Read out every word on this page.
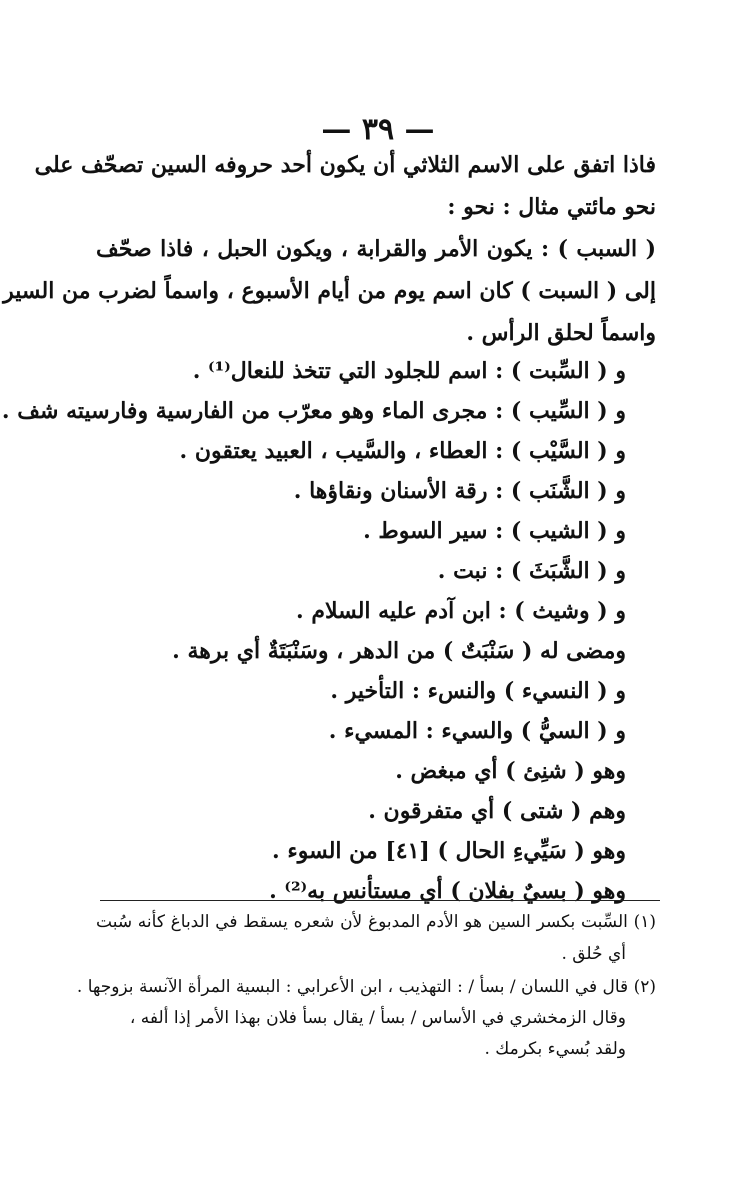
— ٣٩ —
فاذا اتفق على الاسم الثلاثي أن يكون أحد حروفه السين تصحّف على
نحو مائتي مثال : نحو :
( السبب ) : يكون الأمر والقرابة ، ويكون الحبل ، فاذا صحّف
إلى ( السبت ) كان اسم يوم من أيام الأسبوع ، واسماً لضرب من السير
واسماً لحلق الرأس .
و ( السِّبت ) : اسم للجلود التي تتخذ للنعال⁽¹⁾ .
و ( السِّيب ) : مجرى الماء وهو معرّب من الفارسية وفارسيته شف .
و ( السَّيْب ) : العطاء ، والسَّيب ، العبيد يعتقون .
و ( الشَّنَب ) : رقة الأسنان ونقاؤها .
و ( الشيب ) : سير السوط .
و ( الشَّبَثَ ) : نبت .
و ( وشيث ) : ابن آدم عليه السلام .
ومضى له ( سَنْبَتٌ ) من الدهر ، وسَنْبَتَةٌ أي برهة .
و ( النسيء ) والنسء : التأخير .
و ( السيُّ ) والسيء : المسيء .
وهو ( شنِئ ) أي مبغض .
وهم ( شتى ) أي متفرقون .
وهو ( سَيِّيءِ الحال ) [٤١] من السوء .
وهو ( بسيٌ بفلان ) أي مستأنس به⁽²⁾ .
(١) السِّبت بكسر السين هو الأدم المدبوغ لأن شعره يسقط في الدباغ كأنه سُبت
أي حُلق .
(٢) قال في اللسان / بسأ / : التهذيب ، ابن الأعرابي : البسية المرأة الآنسة بزوجها .
وقال الزمخشري في الأساس / بسأ / يقال بسأ فلان بهذا الأمر إذا ألفه ،
ولقد بُسيء بكرمك .
